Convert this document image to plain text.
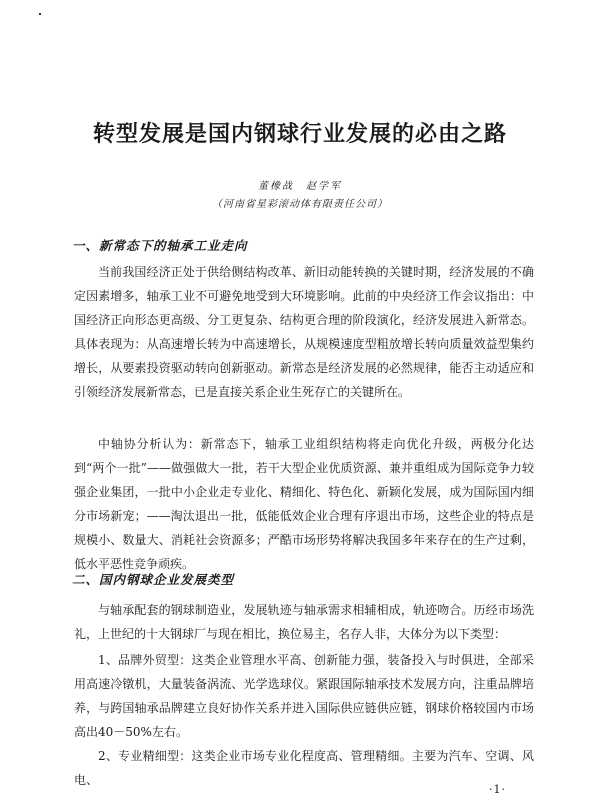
转型发展是国内钢球行业发展的必由之路
董橡战　赵学军
（河南省星彩滚动体有限责任公司）
一、新常态下的轴承工业走向

当前我国经济正处于供给侧结构改革、新旧动能转换的关键时期，经济发展的不确定因素增多，轴承工业不可避免地受到大环境影响。此前的中央经济工作会议指出：中国经济正向形态更高级、分工更复杂、结构更合理的阶段演化，经济发展进入新常态。具体表现为：从高速增长转为中高速增长，从规模速度型粗放增长转向质量效益型集约增长，从要素投资驱动转向创新驱动。新常态是经济发展的必然规律，能否主动适应和引领经济发展新常态，已是直接关系企业生死存亡的关键所在。

中轴协分析认为：新常态下，轴承工业组织结构将走向优化升级，两极分化达到“两个一批”——做强做大一批，若干大型企业优质资源、兼并重组成为国际竞争力较强企业集团，一批中小企业走专业化、精细化、特色化、新颖化发展，成为国际国内细分市场新宠；——淘汰退出一批，低能低效企业合理有序退出市场，这些企业的特点是规模小、数量大、消耗社会资源多；严酷市场形势将解决我国多年来存在的生产过剩，低水平恶性竞争顽疾。

二、国内钢球企业发展类型

与轴承配套的钢球制造业，发展轨迹与轴承需求相辅相成，轨迹吻合。历经市场洗礼，上世纪的十大钢球厂与现在相比，换位易主，名存人非，大体分为以下类型：

1、品牌外贸型：这类企业管理水平高、创新能力强，装备投入与时俱进，全部采用高速冷镦机，大量装备涡流、光学选球仪。紧跟国际轴承技术发展方向，注重品牌培养，与跨国轴承品牌建立良好协作关系并进入国际供应链供应链，钢球价格较国内市场高出40－50%左右。

2、专业精细型：这类企业市场专业化程度高、管理精细。主要为汽车、空调、风电、

·1·
